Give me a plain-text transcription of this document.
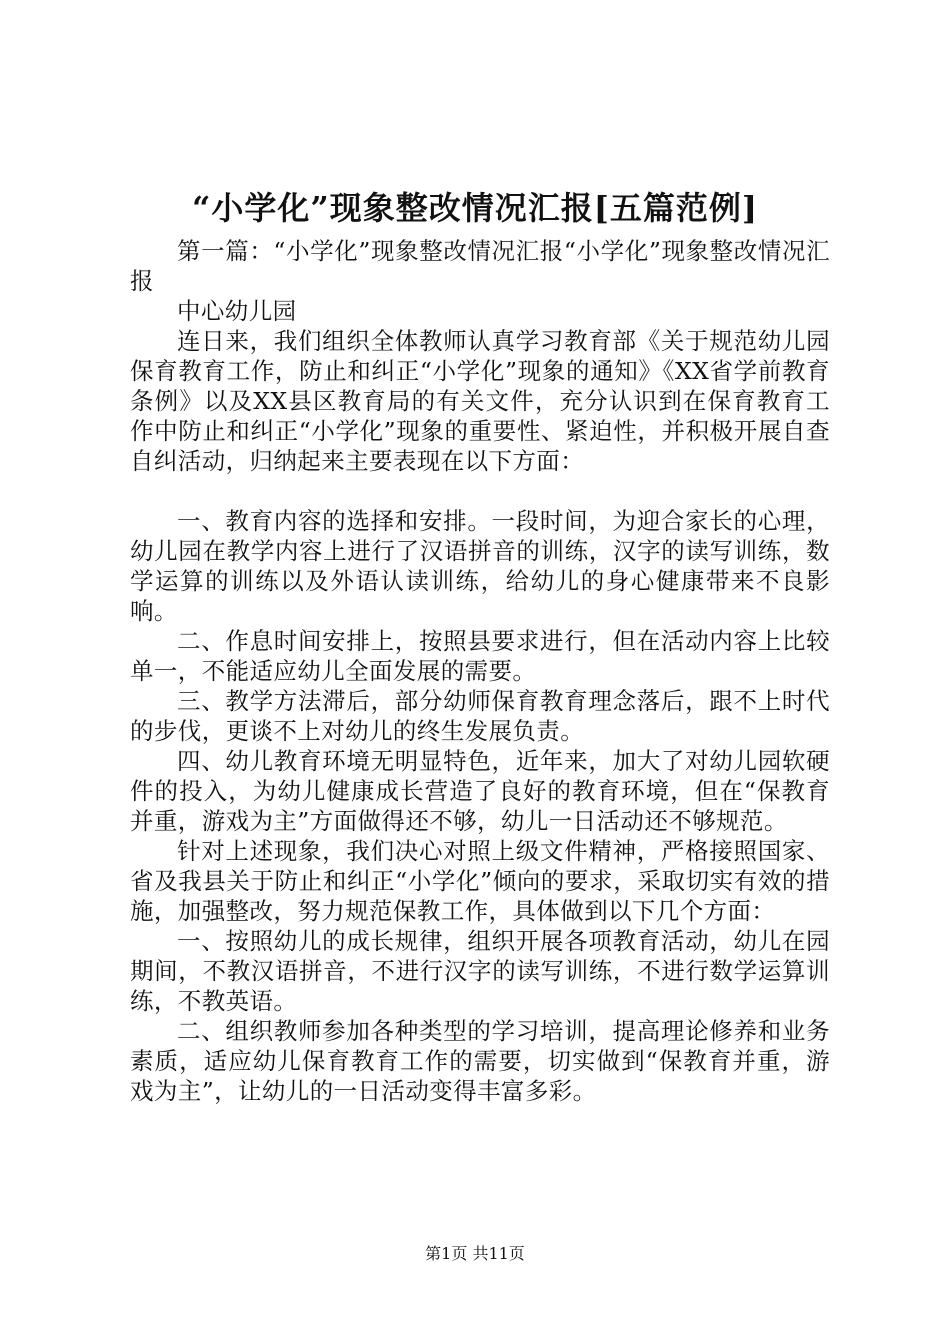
“小学化”现象整改情况汇报[五篇范例]

第一篇：“小学化”现象整改情况汇报“小学化”现象整改情况汇报

中心幼儿园

连日来，我们组织全体教师认真学习教育部《关于规范幼儿园保育教育工作，防止和纠正“小学化”现象的通知》《XX省学前教育条例》以及XX县区教育局的有关文件，充分认识到在保育教育工作中防止和纠正“小学化”现象的重要性、紧迫性，并积极开展自查自纠活动，归纳起来主要表现在以下方面：

一、教育内容的选择和安排。一段时间，为迎合家长的心理，幼儿园在教学内容上进行了汉语拼音的训练，汉字的读写训练，数学运算的训练以及外语认读训练，给幼儿的身心健康带来不良影响。

二、作息时间安排上，按照县要求进行，但在活动内容上比较单一，不能适应幼儿全面发展的需要。

三、教学方法滞后，部分幼师保育教育理念落后，跟不上时代的步伐，更谈不上对幼儿的终生发展负责。

四、幼儿教育环境无明显特色，近年来，加大了对幼儿园软硬件的投入，为幼儿健康成长营造了良好的教育环境，但在“保教育并重，游戏为主”方面做得还不够，幼儿一日活动还不够规范。

针对上述现象，我们决心对照上级文件精神，严格接照国家、省及我县关于防止和纠正“小学化”倾向的要求，采取切实有效的措施，加强整改，努力规范保教工作，具体做到以下几个方面：

一、按照幼儿的成长规律，组织开展各项教育活动，幼儿在园期间，不教汉语拼音，不进行汉字的读写训练，不进行数学运算训练，不教英语。

二、组织教师参加各种类型的学习培训，提高理论修养和业务素质，适应幼儿保育教育工作的需要，切实做到“保教育并重，游戏为主”，让幼儿的一日活动变得丰富多彩。

第1页 共11页
